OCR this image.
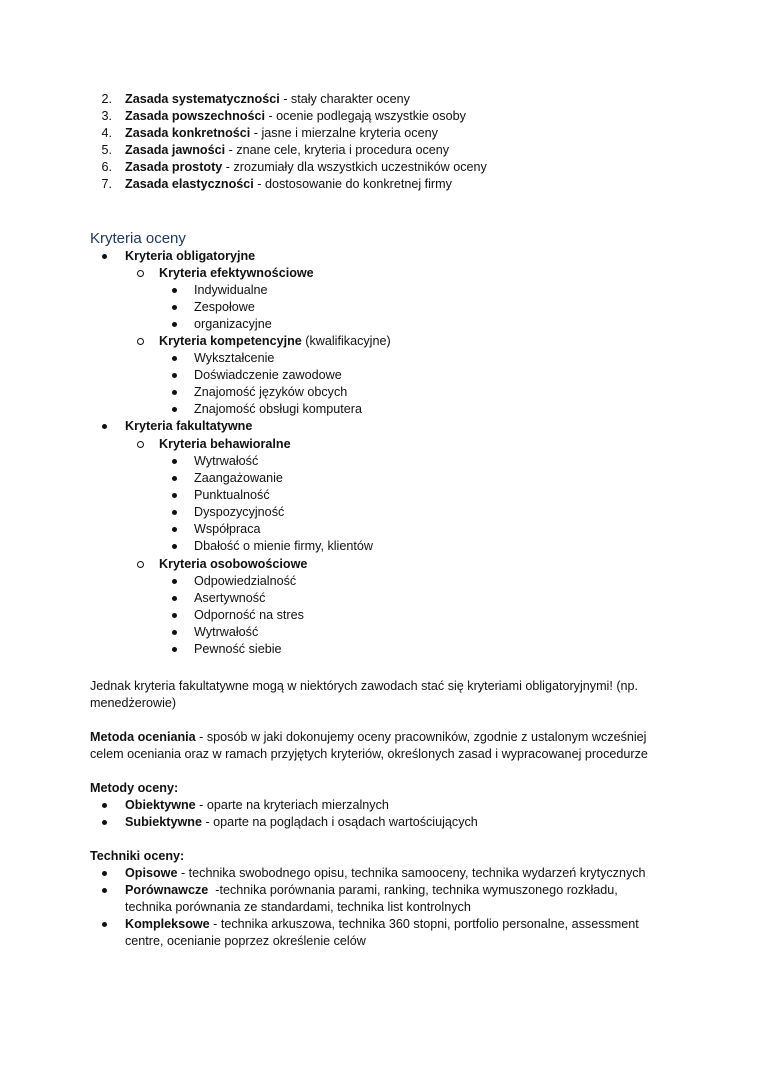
2. Zasada systematyczności - stały charakter oceny
3. Zasada powszechności - ocenie podlegają wszystkie osoby
4. Zasada konkretności - jasne i mierzalne kryteria oceny
5. Zasada jawności - znane cele, kryteria i procedura oceny
6. Zasada prostoty - zrozumiały dla wszystkich uczestników oceny
7. Zasada elastyczności - dostosowanie do konkretnej firmy
Kryteria oceny
Kryteria obligatoryjne
Kryteria efektywnościowe
Indywidualne
Zespołowe
organizacyjne
Kryteria kompetencyjne (kwalifikacyjne)
Wykształcenie
Doświadczenie zawodowe
Znajomość języków obcych
Znajomość obsługi komputera
Kryteria fakultatywne
Kryteria behawioralne
Wytrwałość
Zaangażowanie
Punktualność
Dyspozycyjność
Współpraca
Dbałość o mienie firmy, klientów
Kryteria osobowościowe
Odpowiedzialność
Asertywność
Odporność na stres
Wytrwałość
Pewność siebie
Jednak kryteria fakultatywne mogą w niektórych zawodach stać się kryteriami obligatoryjnymi! (np.
menedżerowie)
Metoda oceniania - sposób w jaki dokonujemy oceny pracowników, zgodnie z ustalonym wcześniej
celem oceniania oraz w ramach przyjętych kryteriów, określonych zasad i wypracowanej procedurze
Metody oceny:
Obiektywne - oparte na kryteriach mierzalnych
Subiektywne - oparte na poglądach i osądach wartościujących
Techniki oceny:
Opisowe - technika swobodnego opisu, technika samooceny, technika wydarzeń krytycznych
Porównawcze  -technika porównania parami, ranking, technika wymuszonego rozkładu,
technika porównania ze standardami, technika list kontrolnych
Kompleksowe - technika arkuszowa, technika 360 stopni, portfolio personalne, assessment
centre, ocenianie poprzez określenie celów
